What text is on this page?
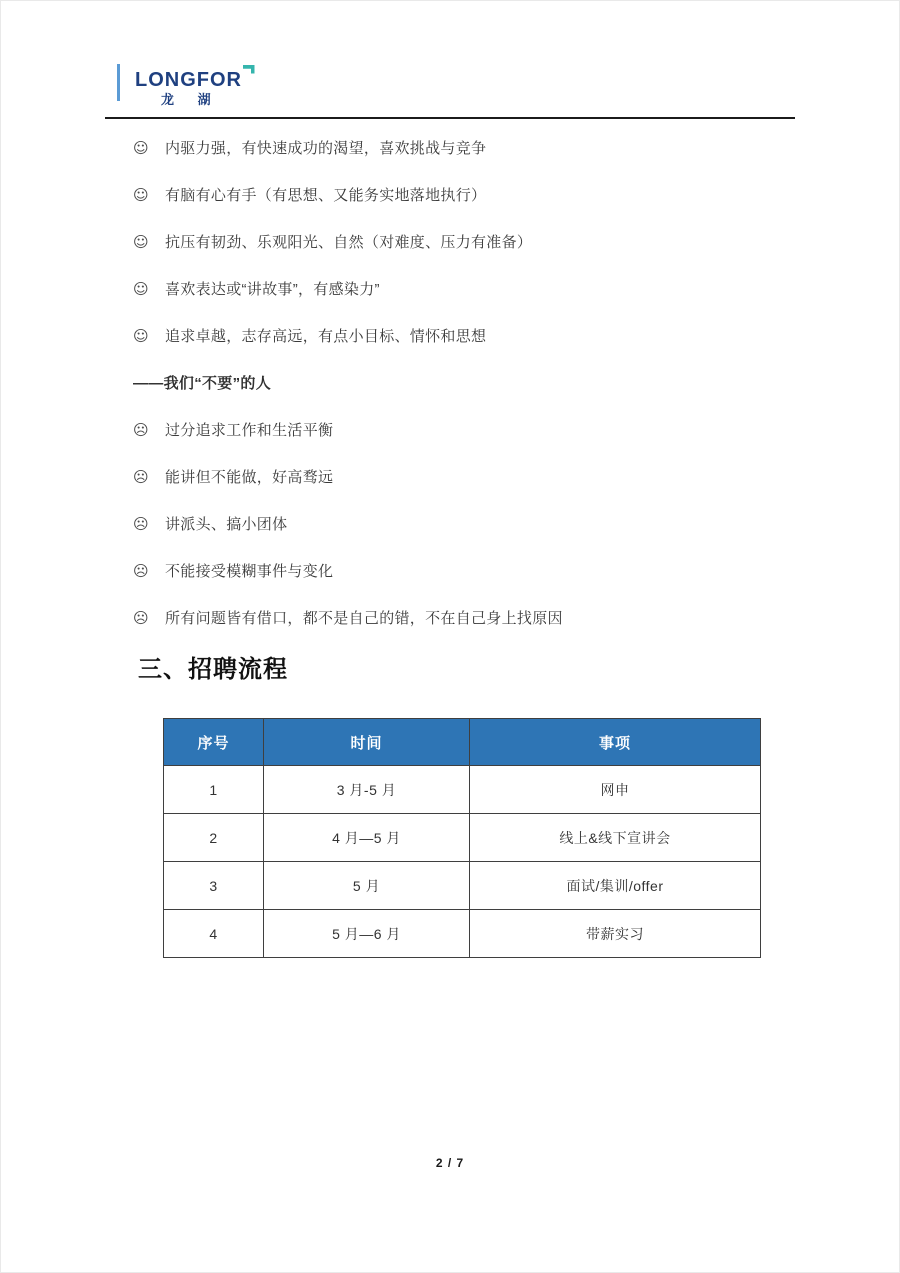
LONGFOR
龙 湖
☺	内驱力强，有快速成功的渴望，喜欢挑战与竞争
☺	有脑有心有手（有思想、又能务实地落地执行）
☺	抗压有韧劲、乐观阳光、自然（对难度、压力有准备）
☺	喜欢表达或“讲故事”，有感染力”
☺	追求卓越，志存高远，有点小目标、情怀和思想
——我们“不要”的人
☹	过分追求工作和生活平衡
☹	能讲但不能做，好高骛远
☹	讲派头、搞小团体
☹	不能接受模糊事件与变化
☹	所有问题皆有借口，都不是自己的错，不在自己身上找原因
三、招聘流程
序号	时间	事项
1	3 月-5 月	网申
2	4 月—5 月	线上&线下宣讲会
3	5 月	面试/集训/offer
4	5 月—6 月	带薪实习
2 / 7
